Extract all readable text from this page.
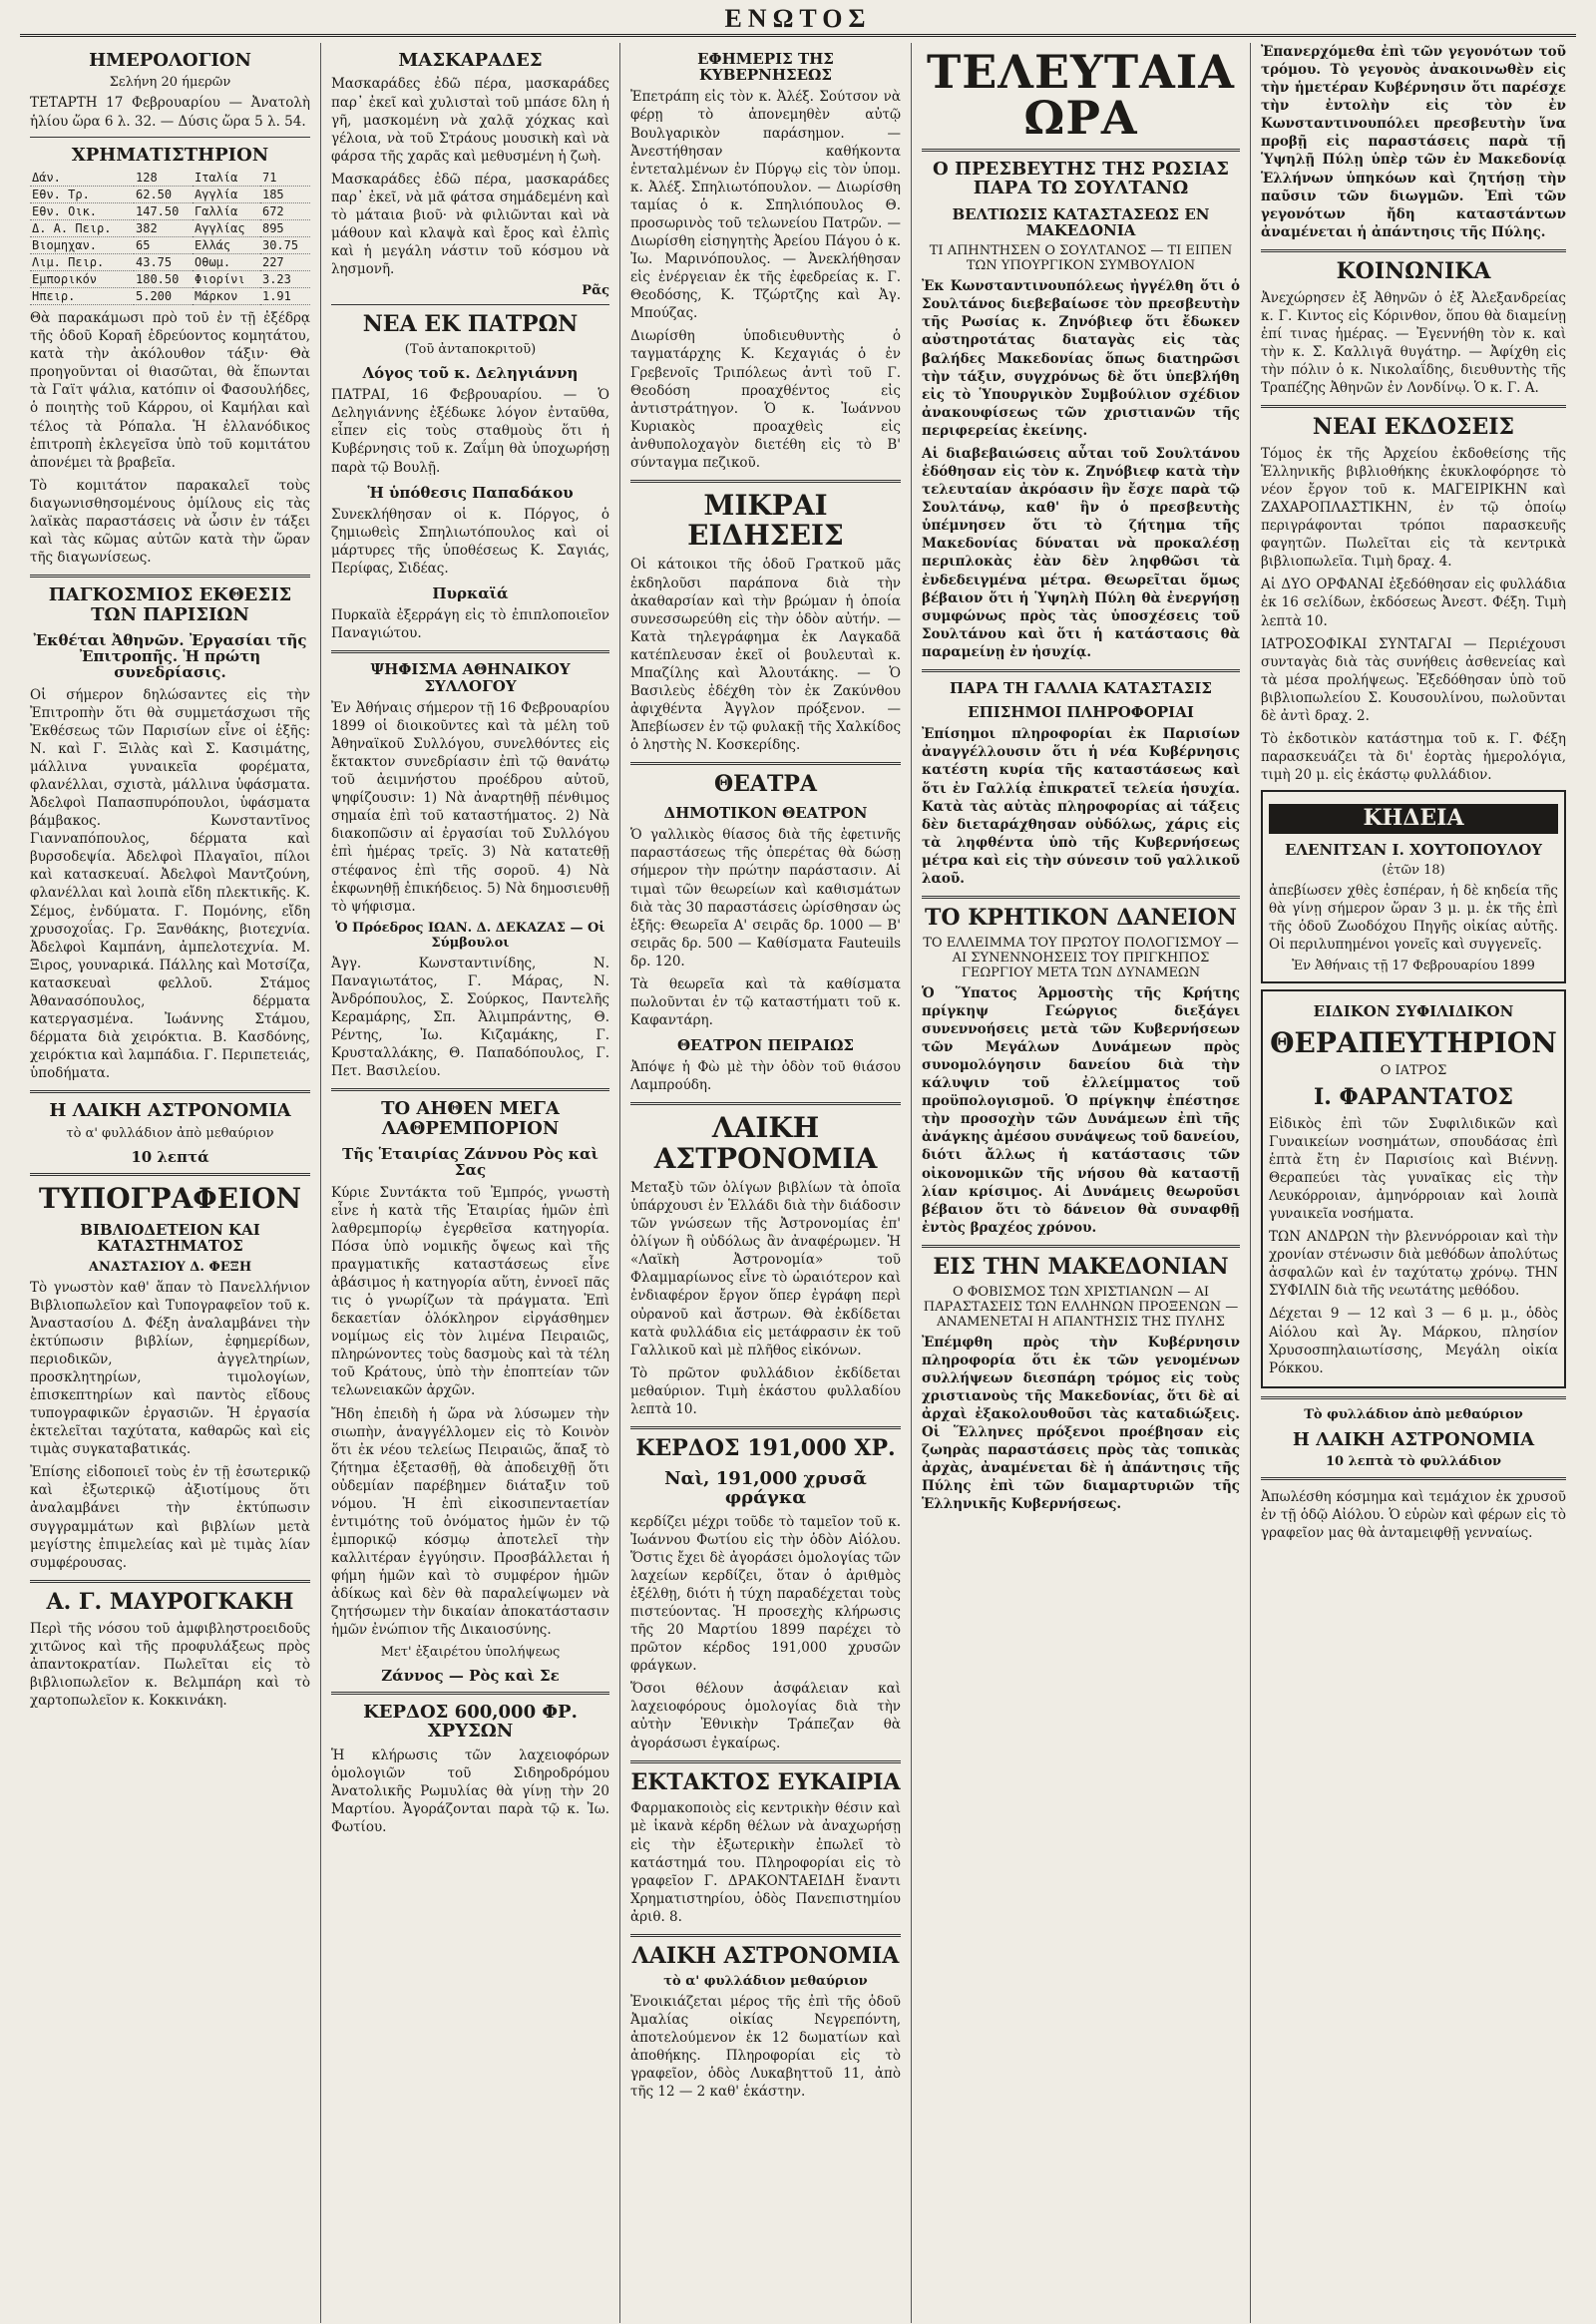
ΕΝΩΤΟΣ
ΗΜΕΡΟΛΟΓΙΟΝ
Σελήνη 20 ήμερῶν

ΤΕΤΑΡΤΗ 17 Φεβρουαρίου — Ἀνατολὴ ἡλίου ὥρα 6 λ. 32. — Δύσις ὥρα 5 λ. 54.

ΧΡΗΜΑΤΙΣΤΗΡΙΟΝ
Δάν.	128	Ιταλία	71
Εθν. Τρ.	62.50	Αγγλία	185
Εθν. Οικ.	147.50	Γαλλία	672
Δ. Α. Πειρ.	382	Αγγλίας	895
Βιομηχαν.	65	Ελλάς	30.75
Λιμ. Πειρ.	43.75	Οθωμ.	227
Εμπορικόν	180.50	Φιορίνι	3.23
Ηπειρ.	5.200	Μάρκον	1.91

Θὰ παρακάμωσι πρὸ τοῦ ἐν τῇ ἐξέδρᾳ τῆς ὁδοῦ Κοραῆ ἐδρεύοντος κομητάτου, κατὰ τὴν ἀκόλουθον τάξιν· Θὰ προηγοῦνται οἱ θιασῶται, θὰ ἕπωνται τὰ Γαϊτ ψάλια, κατόπιν οἱ Φασουλήδες, ὁ ποιητὴς τοῦ Κάρρου, οἱ Καμήλαι καὶ τέλος τὰ Ρόπαλα. Ἡ ἐλλανόδικος ἐπιτροπὴ ἐκλεγεῖσα ὑπὸ τοῦ κομιτάτου ἀπονέμει τὰ βραβεῖα.

Τὸ κομιτάτον παρακαλεῖ τοὺς διαγωνισθησομένους ὁμίλους εἰς τὰς λαϊκὰς παραστάσεις νὰ ὦσιν ἐν τάξει καὶ τὰς κῶμας αὐτῶν κατὰ τὴν ὥραν τῆς διαγωνίσεως.

ΠΑΓΚΟΣΜΙΟΣ ΕΚΘΕΣΙΣ ΤΩΝ ΠΑΡΙΣΙΩΝ
Ἐκθέται Ἀθηνῶν. Ἐργασίαι τῆς Ἐπιτροπῆς. Ἡ πρώτη συνεδρίασις.

Οἱ σήμερον δηλώσαντες εἰς τὴν Ἐπιτροπὴν ὅτι θὰ συμμετάσχωσι τῆς Ἐκθέσεως τῶν Παρισίων εἶνε οἱ ἑξῆς: Ν. καὶ Γ. Ξιλὰς καὶ Σ. Κασιμάτης, μάλλινα γυναικεῖα φορέματα, φλανέλλαι, σχιστὰ, μάλλινα ὑφάσματα. Ἀδελφοὶ Παπασπυρόπουλοι, ὑφάσματα βάμβακος. Κωνσταντῖνος Γιανναπόπουλος, δέρματα καὶ βυρσοδεψία. Ἀδελφοὶ Πλαγαῖοι, πίλοι καὶ κατασκευαί. Ἀδελφοὶ Μαντζούνη, φλανέλλαι καὶ λοιπὰ εἴδη πλεκτικῆς. Κ. Σέμος, ἐνδύματα. Γ. Πομόνης, εἴδη χρυσοχοΐας. Γρ. Ξανθάκης, βιοτεχνία. Ἀδελφοὶ Καμπάνη, ἀμπελοτεχνία. Μ. Ξιρος, γουναρικά. Πάλλης καὶ Μοτσίζα, κατασκευαὶ φελλοῦ. Στάμος Ἀθανασόπουλος, δέρματα κατεργασμένα. Ἰωάννης Στάμου, δέρματα διὰ χειρόκτια. Β. Κασδόνης, χειρόκτια καὶ λαμπάδια. Γ. Περιπετειάς, ὑποδήματα.

Η ΛΑΙΚΗ ΑΣΤΡΟΝΟΜΙΑ
τὸ α' φυλλάδιον ἀπὸ μεθαύριον
10 λεπτά
ΤΥΠΟΓΡΑΦΕΙΟΝ
ΒΙΒΛΙΟΔΕΤΕΙΟΝ ΚΑΙ ΚΑΤΑΣΤΗΜΑΤΟΣ
ΑΝΑΣΤΑΣΙΟΥ Δ. ΦΕΞΗ

Τὸ γνωστὸν καθ' ἅπαν τὸ Πανελλήνιον Βιβλιοπωλεῖον καὶ Τυπογραφεῖον τοῦ κ. Ἀναστασίου Δ. Φέξη ἀναλαμβάνει τὴν ἐκτύπωσιν βιβλίων, ἐφημερίδων, περιοδικῶν, ἀγγελτηρίων, προσκλητηρίων, τιμολογίων, ἐπισκεπτηρίων καὶ παντὸς εἴδους τυπογραφικῶν ἐργασιῶν. Ἡ ἐργασία ἐκτελεῖται ταχύτατα, καθαρῶς καὶ εἰς τιμὰς συγκαταβατικάς.

Ἐπίσης εἰδοποιεῖ τοὺς ἐν τῇ ἐσωτερικῷ καὶ ἐξωτερικῷ ἀξιοτίμους ὅτι ἀναλαμβάνει τὴν ἐκτύπωσιν συγγραμμάτων καὶ βιβλίων μετὰ μεγίστης ἐπιμελείας καὶ μὲ τιμὰς λίαν συμφέρουσας.

Α. Γ. ΜΑΥΡΟΓΚΑΚΗ

Περὶ τῆς νόσου τοῦ ἀμφιβληστροειδοῦς χιτῶνος καὶ τῆς προφυλάξεως πρὸς ἀπαντοκρατίαν. Πωλεῖται εἰς τὸ βιβλιοπωλεῖον κ. Βελμπάρη καὶ τὸ χαρτοπωλεῖον κ. Κοκκινάκη.

ΜΑΣΚΑΡΑΔΕΣ

Μασκαράδες ἐδῶ πέρα, μασκαράδες παρ᾽ ἐκεῖ καὶ χυλισταὶ τοῦ μπάσε δλη ἡ γῆ, μασκομένη νὰ χαλᾷ χόχκας καὶ γέλοια, νὰ τοῦ Στράους μουσικὴ καὶ νὰ φάρσα τῆς χαρᾶς καὶ μεθυσμένη ἡ ζωὴ.

Μασκαράδες ἐδῶ πέρα, μασκαράδες παρ᾽ ἐκεῖ, νὰ μᾶ φάτσα σημάδεμένη καὶ τὸ μάταια βιοῦ· νὰ φιλιῶνται καὶ νὰ μάθουν καὶ κλαψὰ καὶ ἔρος καὶ ἐλπὶς καὶ ἡ μεγάλη νάστιν τοῦ κόσμου νὰ λησμονῆ.

Ρᾶς
ΝΕΑ ΕΚ ΠΑΤΡΩΝ
(Τοῦ ἀνταποκριτοῦ)
Λόγος τοῦ κ. Δεληγιάννη

ΠΑΤΡΑΙ, 16 Φεβρουαρίου. — Ὁ Δεληγιάννης ἐξέδωκε λόγον ἐνταῦθα, εἶπεν εἰς τοὺς σταθμοὺς ὅτι ἡ Κυβέρνησις τοῦ κ. Ζαΐμη θὰ ὑποχωρήσῃ παρὰ τῷ Βουλῇ.

Ἡ ὑπόθεσις Παπαδάκου

Συνεκλήθησαν οἱ κ. Πόργος, ὁ ζημιωθεὶς Σπηλιωτόπουλος καὶ οἱ μάρτυρες τῆς ὑποθέσεως Κ. Σαγιάς, Περίφας, Σιδέας.

Πυρκαϊά

Πυρκαϊὰ ἐξερράγη εἰς τὸ ἐπιπλοποιεῖον Παναγιώτου.

ΨΗΦΙΣΜΑ ΑΘΗΝΑΙΚΟΥ ΣΥΛΛΟΓΟΥ

Ἐν Ἀθήναις σήμερον τῇ 16 Φεβρουαρίου 1899 οἱ διοικοῦντες καὶ τὰ μέλη τοῦ Ἀθηναϊκοῦ Συλλόγου, συνελθόντες εἰς ἔκτακτον συνεδρίασιν ἐπὶ τῷ θανάτῳ τοῦ ἀειμνήστου προέδρου αὐτοῦ, ψηφίζουσιν: 1) Νὰ ἀναρτηθῇ πένθιμος σημαία ἐπὶ τοῦ καταστήματος. 2) Νὰ διακοπῶσιν αἱ ἐργασίαι τοῦ Συλλόγου ἐπὶ ἡμέρας τρεῖς. 3) Νὰ κατατεθῇ στέφανος ἐπὶ τῆς σοροῦ. 4) Νὰ ἐκφωνηθῇ ἐπικήδειος. 5) Νὰ δημοσιευθῇ τὸ ψήφισμα.

Ὁ Πρόεδρος ΙΩΑΝ. Δ. ΔΕΚΑΖΑΣ — Οἱ Σύμβουλοι

Ἀγγ. Κωνσταντινίδης, Ν. Παναγιωτάτος, Γ. Μάρας, Ν. Ἀνδρόπουλος, Σ. Σούρκος, Παντελῆς Κεραμάρης, Σπ. Ἀλιμπράντης, Θ. Ρέντης, Ἰω. Κιζαμάκης, Γ. Κρυσταλλάκης, Θ. Παπαδόπουλος, Γ. Πετ. Βασιλείου.

ΤΟ ΑΗΘΕΝ ΜΕΓΑ ΛΑΘΡΕΜΠΟΡΙΟΝ
Τῆς Ἑταιρίας Ζάννου Ρὸς καὶ Σας

Κύριε Συντάκτα τοῦ Ἐμπρός, γνωστὴ εἶνε ἡ κατὰ τῆς Ἑταιρίας ἡμῶν ἐπὶ λαθρεμπορίῳ ἐγερθεῖσα κατηγορία. Πόσα ὑπὸ νομικῆς ὄψεως καὶ τῆς πραγματικῆς καταστάσεως εἶνε ἀβάσιμος ἡ κατηγορία αὕτη, ἐννοεῖ πᾶς τις ὁ γνωρίζων τὰ πράγματα. Ἐπὶ δεκαετίαν ὁλόκληρον εἰργάσθημεν νομίμως εἰς τὸν λιμένα Πειραιῶς, πληρώνοντες τοὺς δασμοὺς καὶ τὰ τέλη τοῦ Κράτους, ὑπὸ τὴν ἐποπτείαν τῶν τελωνειακῶν ἀρχῶν.

Ἤδη ἐπειδὴ ἡ ὥρα νὰ λύσωμεν τὴν σιωπὴν, ἀναγγέλλομεν εἰς τὸ Κοινὸν ὅτι ἐκ νέου τελείως Πειραιῶς, ἅπαξ τὸ ζήτημα ἐξετασθῇ, θὰ ἀποδειχθῇ ὅτι οὐδεμίαν παρέβημεν διάταξιν τοῦ νόμου. Ἡ ἐπὶ εἰκοσιπενταετίαν ἐντιμότης τοῦ ὀνόματος ἡμῶν ἐν τῷ ἐμπορικῷ κόσμῳ ἀποτελεῖ τὴν καλλιτέραν ἐγγύησιν. Προσβάλλεται ἡ φήμη ἡμῶν καὶ τὸ συμφέρον ἡμῶν ἀδίκως καὶ δὲν θὰ παραλείψωμεν νὰ ζητήσωμεν τὴν δικαίαν ἀποκατάστασιν ἡμῶν ἐνώπιον τῆς Δικαιοσύνης.

Μετ' ἐξαιρέτου ὑπολήψεως
Ζάννος — Ρὸς καὶ Σε
ΚΕΡΔΟΣ 600,000 ΦΡ. ΧΡΥΣΩΝ

Ἡ κλήρωσις τῶν λαχειοφόρων ὁμολογιῶν τοῦ Σιδηροδρόμου Ἀνατολικῆς Ρωμυλίας θὰ γίνῃ τὴν 20 Μαρτίου. Ἀγοράζονται παρὰ τῷ κ. Ἰω. Φωτίου.

ΕΦΗΜΕΡΙΣ ΤΗΣ ΚΥΒΕΡΝΗΣΕΩΣ

Ἐπετράπη εἰς τὸν κ. Ἀλέξ. Σούτσον νὰ φέρῃ τὸ ἀπονεμηθὲν αὐτῷ Βουλγαρικὸν παράσημον. — Ἀνεστήθησαν καθήκοντα ἐντεταλμένων ἐν Πύργῳ εἰς τὸν ὑπομ. κ. Ἀλέξ. Σπηλιωτόπουλον. — Διωρίσθη ταμίας ὁ κ. Σπηλιόπουλος Θ. προσωρινὸς τοῦ τελωνείου Πατρῶν. — Διωρίσθη εἰσηγητὴς Ἀρείου Πάγου ὁ κ. Ἰω. Μαρινόπουλος. — Ἀνεκλήθησαν εἰς ἐνέργειαν ἐκ τῆς ἐφεδρείας κ. Γ. Θεοδόσης, Κ. Τζώρτζης καὶ Ἀγ. Μπούζας.

Διωρίσθη ὑποδιευθυντὴς ὁ ταγματάρχης Κ. Κεχαγιάς ὁ ἐν Γρεβενοῖς Τριπόλεως ἀντὶ τοῦ Γ. Θεοδόση προαχθέντος εἰς ἀντιστράτηγον. Ὁ κ. Ἰωάννου Κυριακὸς προαχθεὶς εἰς ἀνθυπολοχαγὸν διετέθη εἰς τὸ Β' σύνταγμα πεζικοῦ.

ΜΙΚΡΑΙ ΕΙΔΗΣΕΙΣ

Οἱ κάτοικοι τῆς ὁδοῦ Γρατκοῦ μᾶς ἐκδηλοῦσι παράπονα διὰ τὴν ἀκαθαρσίαν καὶ τὴν βρώμαν ἡ ὁποία συνεσσωρεύθη εἰς τὴν ὁδὸν αὐτήν. — Κατὰ τηλεγράφημα ἐκ Λαγκαδᾶ κατέπλευσαν ἐκεῖ οἱ βουλευταὶ κ. Μπαζίλης καὶ Ἀλουτάκης. — Ὁ Βασιλεὺς ἐδέχθη τὸν ἐκ Ζακύνθου ἀφιχθέντα Ἀγγλον πρόξενον. — Ἀπεβίωσεν ἐν τῷ φυλακῇ τῆς Χαλκίδος ὁ ληστὴς Ν. Κοσκερίδης.

ΘΕΑΤΡΑ
ΔΗΜΟΤΙΚΟΝ ΘΕΑΤΡΟΝ

Ὁ γαλλικὸς θίασος διὰ τῆς ἐφετινῆς παραστάσεως τῆς ὀπερέτας θὰ δώσῃ σήμερον τὴν πρώτην παράστασιν. Αἱ τιμαὶ τῶν θεωρείων καὶ καθισμάτων διὰ τὰς 30 παραστάσεις ὡρίσθησαν ὡς ἑξῆς: Θεωρεῖα Α' σειρᾶς δρ. 1000 — Β' σειρᾶς δρ. 500 — Καθίσματα Fauteuils δρ. 120.

Τὰ θεωρεῖα καὶ τὰ καθίσματα πωλοῦνται ἐν τῷ καταστήματι τοῦ κ. Καφαντάρη.

ΘΕΑΤΡΟΝ ΠΕΙΡΑΙΩΣ

Ἀπόψε ἡ Φὼ μὲ τὴν ὁδὸν τοῦ θιάσου Λαμπρούδη.

ΛΑΙΚΗ ΑΣΤΡΟΝΟΜΙΑ

Μεταξὺ τῶν ὀλίγων βιβλίων τὰ ὁποῖα ὑπάρχουσι ἐν Ἑλλάδι διὰ τὴν διάδοσιν τῶν γνώσεων τῆς Ἀστρονομίας ἐπ' ὀλίγων ἢ οὐδόλως ἂν ἀναφέρωμεν. Ἡ «Λαϊκὴ Ἀστρονομία» τοῦ Φλαμμαρίωνος εἶνε τὸ ὡραιότερον καὶ ἐνδιαφέρον ἔργον ὅπερ ἐγράφη περὶ οὐρανοῦ καὶ ἄστρων. Θὰ ἐκδίδεται κατὰ φυλλάδια εἰς μετάφρασιν ἐκ τοῦ Γαλλικοῦ καὶ μὲ πλῆθος εἰκόνων.

Τὸ πρῶτον φυλλάδιον ἐκδίδεται μεθαύριον. Τιμὴ ἑκάστου φυλλαδίου λεπτὰ 10.

ΚΕΡΔΟΣ 191,000 ΧΡ.
Ναὶ, 191,000 χρυσᾶ φράγκα

κερδίζει μέχρι τοῦδε τὸ ταμεῖον τοῦ κ. Ἰωάννου Φωτίου εἰς τὴν ὁδὸν Αἰόλου. Ὅστις ἔχει δὲ ἀγοράσει ὁμολογίας τῶν λαχείων κερδίζει, ὅταν ὁ ἀριθμὸς ἐξέλθῃ, διότι ἡ τύχη παραδέχεται τοὺς πιστεύοντας. Ἡ προσεχὴς κλήρωσις τῆς 20 Μαρτίου 1899 παρέχει τὸ πρῶτον κέρδος 191,000 χρυσῶν φράγκων.

Ὅσοι θέλουν ἀσφάλειαν καὶ λαχειοφόρους ὁμολογίας διὰ τὴν αὐτὴν Ἐθνικὴν Τράπεζαν θὰ ἀγοράσωσι ἐγκαίρως.

ΕΚΤΑΚΤΟΣ ΕΥΚΑΙΡΙΑ

Φαρμακοποιὸς εἰς κεντρικὴν θέσιν καὶ μὲ ἱκανὰ κέρδη θέλων νὰ ἀναχωρήσῃ εἰς τὴν ἐξωτερικὴν ἐπωλεῖ τὸ κατάστημά του. Πληροφορίαι εἰς τὸ γραφεῖον Γ. ΔΡΑΚΟΝΤΑΕΙΔΗ ἔναντι Χρηματιστηρίου, ὁδὸς Πανεπιστημίου ἀριθ. 8.

ΛΑΙΚΗ ΑΣΤΡΟΝΟΜΙΑ
τὸ α' φυλλάδιον μεθαύριον

Ἐνοικιάζεται μέρος τῆς ἐπὶ τῆς ὁδοῦ Ἀμαλίας οἰκίας Νεγρεπόντη, ἀποτελούμενον ἐκ 12 δωματίων καὶ ἀποθήκης. Πληροφορίαι εἰς τὸ γραφεῖον, ὁδὸς Λυκαβηττοῦ 11, ἀπὸ τῆς 12 — 2 καθ' ἑκάστην.

ΤΕΛΕΥΤΑΙΑ ΩΡΑ
Ο ΠΡΕΣΒΕΥΤΗΣ ΤΗΣ ΡΩΣΙΑΣ ΠΑΡΑ ΤΩ ΣΟΥΛΤΑΝΩ
ΒΕΛΤΙΩΣΙΣ ΚΑΤΑΣΤΑΣΕΩΣ ΕΝ ΜΑΚΕΔΟΝΙΑ
ΤΙ ΑΠΗΝΤΗΣΕΝ Ο ΣΟΥΛΤΑΝΟΣ — ΤΙ ΕΙΠΕΝ ΤΩΝ ΥΠΟΥΡΓΙΚΟΝ ΣΥΜΒΟΥΛΙΟΝ

Ἐκ Κωνσταντινουπόλεως ἠγγέλθη ὅτι ὁ Σουλτάνος διεβεβαίωσε τὸν πρεσβευτὴν τῆς Ρωσίας κ. Ζηνόβιεφ ὅτι ἔδωκεν αὐστηροτάτας διαταγὰς εἰς τὰς βαλήδες Μακεδονίας ὅπως διατηρῶσι τὴν τάξιν, συγχρόνως δὲ ὅτι ὑπεβλήθη εἰς τὸ Ὑπουργικὸν Συμβούλιον σχέδιον ἀνακουφίσεως τῶν χριστιανῶν τῆς περιφερείας ἐκείνης.

Αἱ διαβεβαιώσεις αὗται τοῦ Σουλτάνου ἐδόθησαν εἰς τὸν κ. Ζηνόβιεφ κατὰ τὴν τελευταίαν ἀκρόασιν ἣν ἔσχε παρὰ τῷ Σουλτάνῳ, καθ' ἣν ὁ πρεσβευτὴς ὑπέμνησεν ὅτι τὸ ζήτημα τῆς Μακεδονίας δύναται νὰ προκαλέσῃ περιπλοκὰς ἐὰν δὲν ληφθῶσι τὰ ἐνδεδειγμένα μέτρα. Θεωρεῖται ὅμως βέβαιον ὅτι ἡ Ὑψηλὴ Πύλη θὰ ἐνεργήσῃ συμφώνως πρὸς τὰς ὑποσχέσεις τοῦ Σουλτάνου καὶ ὅτι ἡ κατάστασις θὰ παραμείνῃ ἐν ἡσυχίᾳ.

ΠΑΡΑ ΤΗ ΓΑΛΛΙΑ ΚΑΤΑΣΤΑΣΙΣ
ΕΠΙΣΗΜΟΙ ΠΛΗΡΟΦΟΡΙΑΙ

Ἐπίσημοι πληροφορίαι ἐκ Παρισίων ἀναγγέλλουσιν ὅτι ἡ νέα Κυβέρνησις κατέστη κυρία τῆς καταστάσεως καὶ ὅτι ἐν Γαλλίᾳ ἐπικρατεῖ τελεία ἡσυχία. Κατὰ τὰς αὐτὰς πληροφορίας αἱ τάξεις δὲν διεταράχθησαν οὐδόλως, χάρις εἰς τὰ ληφθέντα ὑπὸ τῆς Κυβερνήσεως μέτρα καὶ εἰς τὴν σύνεσιν τοῦ γαλλικοῦ λαοῦ.

ΤΟ ΚΡΗΤΙΚΟΝ ΔΑΝΕΙΟΝ
ΤΟ ΕΛΛΕΙΜΜΑ ΤΟΥ ΠΡΩΤΟΥ ΠΟΛΟΓΙΣΜΟΥ — ΑΙ ΣΥΝΕΝΝΟΗΣΕΙΣ ΤΟΥ ΠΡΙΓΚΗΠΟΣ ΓΕΩΡΓΙΟΥ ΜΕΤΑ ΤΩΝ ΔΥΝΑΜΕΩΝ

Ὁ Ὕπατος Ἁρμοστὴς τῆς Κρήτης πρίγκηψ Γεώργιος διεξάγει συνεννοήσεις μετὰ τῶν Κυβερνήσεων τῶν Μεγάλων Δυνάμεων πρὸς συνομολόγησιν δανείου διὰ τὴν κάλυψιν τοῦ ἐλλείμματος τοῦ προϋπολογισμοῦ. Ὁ πρίγκηψ ἐπέστησε τὴν προσοχὴν τῶν Δυνάμεων ἐπὶ τῆς ἀνάγκης ἀμέσου συνάψεως τοῦ δανείου, διότι ἄλλως ἡ κατάστασις τῶν οἰκονομικῶν τῆς νήσου θὰ καταστῇ λίαν κρίσιμος. Αἱ Δυνάμεις θεωροῦσι βέβαιον ὅτι τὸ δάνειον θὰ συναφθῇ ἐντὸς βραχέος χρόνου.

ΕΙΣ ΤΗΝ ΜΑΚΕΔΟΝΙΑΝ
Ο ΦΟΒΙΣΜΟΣ ΤΩΝ ΧΡΙΣΤΙΑΝΩΝ — ΑΙ ΠΑΡΑΣΤΑΣΕΙΣ ΤΩΝ ΕΛΛΗΝΩΝ ΠΡΟΞΕΝΩΝ — ΑΝΑΜΕΝΕΤΑΙ Η ΑΠΑΝΤΗΣΙΣ ΤΗΣ ΠΥΛΗΣ

Ἐπέμφθη πρὸς τὴν Κυβέρνησιν πληροφορία ὅτι ἐκ τῶν γενομένων συλλήψεων διεσπάρη τρόμος εἰς τοὺς χριστιανοὺς τῆς Μακεδονίας, ὅτι δὲ αἱ ἀρχαὶ ἐξακολουθοῦσι τὰς καταδιώξεις. Οἱ Ἕλληνες πρόξενοι προέβησαν εἰς ζωηρὰς παραστάσεις πρὸς τὰς τοπικὰς ἀρχὰς, ἀναμένεται δὲ ἡ ἀπάντησις τῆς Πύλης ἐπὶ τῶν διαμαρτυριῶν τῆς Ἑλληνικῆς Κυβερνήσεως.

Ἐπανερχόμεθα ἐπὶ τῶν γεγονότων τοῦ τρόμου. Τὸ γεγονὸς ἀνακοινωθὲν εἰς τὴν ἡμετέραν Κυβέρνησιν ὅτι παρέσχε τὴν ἐντολὴν εἰς τὸν ἐν Κωνσταντινουπόλει πρεσβευτὴν ἵνα προβῇ εἰς παραστάσεις παρὰ τῇ Ὑψηλῇ Πύλῃ ὑπὲρ τῶν ἐν Μακεδονίᾳ Ἑλλήνων ὑπηκόων καὶ ζητήσῃ τὴν παῦσιν τῶν διωγμῶν. Ἐπὶ τῶν γεγονότων ἤδη καταστάντων ἀναμένεται ἡ ἀπάντησις τῆς Πύλης.

ΚΟΙΝΩΝΙΚΑ

Ἀνεχώρησεν ἐξ Ἀθηνῶν ὁ ἐξ Ἀλεξανδρείας κ. Γ. Κιντος εἰς Κόρινθον, ὅπου θὰ διαμείνῃ ἐπί τινας ἡμέρας. — Ἐγεννήθη τὸν κ. καὶ τὴν κ. Σ. Καλλιγᾶ θυγάτηρ. — Ἀφίχθη εἰς τὴν πόλιν ὁ κ. Νικολαΐδης, διευθυντὴς τῆς Τραπέζης Ἀθηνῶν ἐν Λονδίνῳ. Ὁ κ. Γ. Α.

ΝΕΑΙ ΕΚΔΟΣΕΙΣ

Τόμος ἐκ τῆς Ἀρχείου ἐκδοθείσης τῆς Ἑλληνικῆς βιβλιοθήκης ἐκυκλοφόρησε τὸ νέον ἔργον τοῦ κ. ΜΑΓΕΙΡΙΚΗΝ καὶ ΖΑΧΑΡΟΠΛΑΣΤΙΚΗΝ, ἐν τῷ ὁποίῳ περιγράφονται τρόποι παρασκευῆς φαγητῶν. Πωλεῖται εἰς τὰ κεντρικὰ βιβλιοπωλεῖα. Τιμὴ δραχ. 4.

Αἱ ΔΥΟ ΟΡΦΑΝΑΙ ἐξεδόθησαν εἰς φυλλάδια ἐκ 16 σελίδων, ἐκδόσεως Ἀνεστ. Φέξη. Τιμὴ λεπτὰ 10.

ΙΑΤΡΟΣΟΦΙΚΑΙ ΣΥΝΤΑΓΑΙ — Περιέχουσι συνταγὰς διὰ τὰς συνήθεις ἀσθενείας καὶ τὰ μέσα προλήψεως. Ἐξεδόθησαν ὑπὸ τοῦ βιβλιοπωλείου Σ. Κουσουλίνου, πωλοῦνται δὲ ἀντὶ δραχ. 2.

Τὸ ἐκδοτικὸν κατάστημα τοῦ κ. Γ. Φέξη παρασκευάζει τὰ δι' ἑορτὰς ἡμερολόγια, τιμὴ 20 μ. εἰς ἑκάστῳ φυλλάδιον.

ΚΗΔΕΙΑ
ΕΛΕΝΙΤΣΑΝ Ι. ΧΟΥΤΟΠΟΥΛΟΥ
(ἐτῶν 18)

ἀπεβίωσεν χθὲς ἐσπέραν, ἡ δὲ κηδεία τῆς θὰ γίνῃ σήμερον ὥραν 3 μ. μ. ἐκ τῆς ἐπὶ τῆς ὁδοῦ Ζωοδόχου Πηγῆς οἰκίας αὐτῆς. Οἱ περιλυπημένοι γονεῖς καὶ συγγενεῖς.

Ἐν Ἀθήναις τῇ 17 Φεβρουαρίου 1899
ΕΙΔΙΚΟΝ ΣΥΦΙΛΙΔΙΚΟΝ
ΘΕΡΑΠΕΥΤΗΡΙΟΝ
Ο ΙΑΤΡΟΣ
Ι. ΦΑΡΑΝΤΑΤΟΣ

Εἰδικὸς ἐπὶ τῶν Συφιλιδικῶν καὶ Γυναικείων νοσημάτων, σπουδάσας ἐπὶ ἑπτὰ ἔτη ἐν Παρισίοις καὶ Βιέννῃ. Θεραπεύει τὰς γυναῖκας εἰς τὴν Λευκόρροιαν, ἀμηνόρροιαν καὶ λοιπὰ γυναικεῖα νοσήματα.

ΤΩΝ ΑΝΔΡΩΝ τὴν βλεννόρροιαν καὶ τὴν χρονίαν στένωσιν διὰ μεθόδων ἀπολύτως ἀσφαλῶν καὶ ἐν ταχύτατῳ χρόνῳ. ΤΗΝ ΣΥΦΙΛΙΝ διὰ τῆς νεωτάτης μεθόδου.

Δέχεται 9 — 12 καὶ 3 — 6 μ. μ., ὁδὸς Αἰόλου καὶ Ἁγ. Μάρκου, πλησίον Χρυσοσπηλαιωτίσσης, Μεγάλη οἰκία Ρόκκου.

Τὸ φυλλάδιον ἀπὸ μεθαύριον
Η ΛΑΙΚΗ ΑΣΤΡΟΝΟΜΙΑ
10 λεπτὰ τὸ φυλλάδιον

Ἀπωλέσθη κόσμημα καὶ τεμάχιον ἐκ χρυσοῦ ἐν τῇ ὁδῷ Αἰόλου. Ὁ εὑρὼν καὶ φέρων εἰς τὸ γραφεῖον μας θὰ ἀνταμειφθῇ γενναίως.
